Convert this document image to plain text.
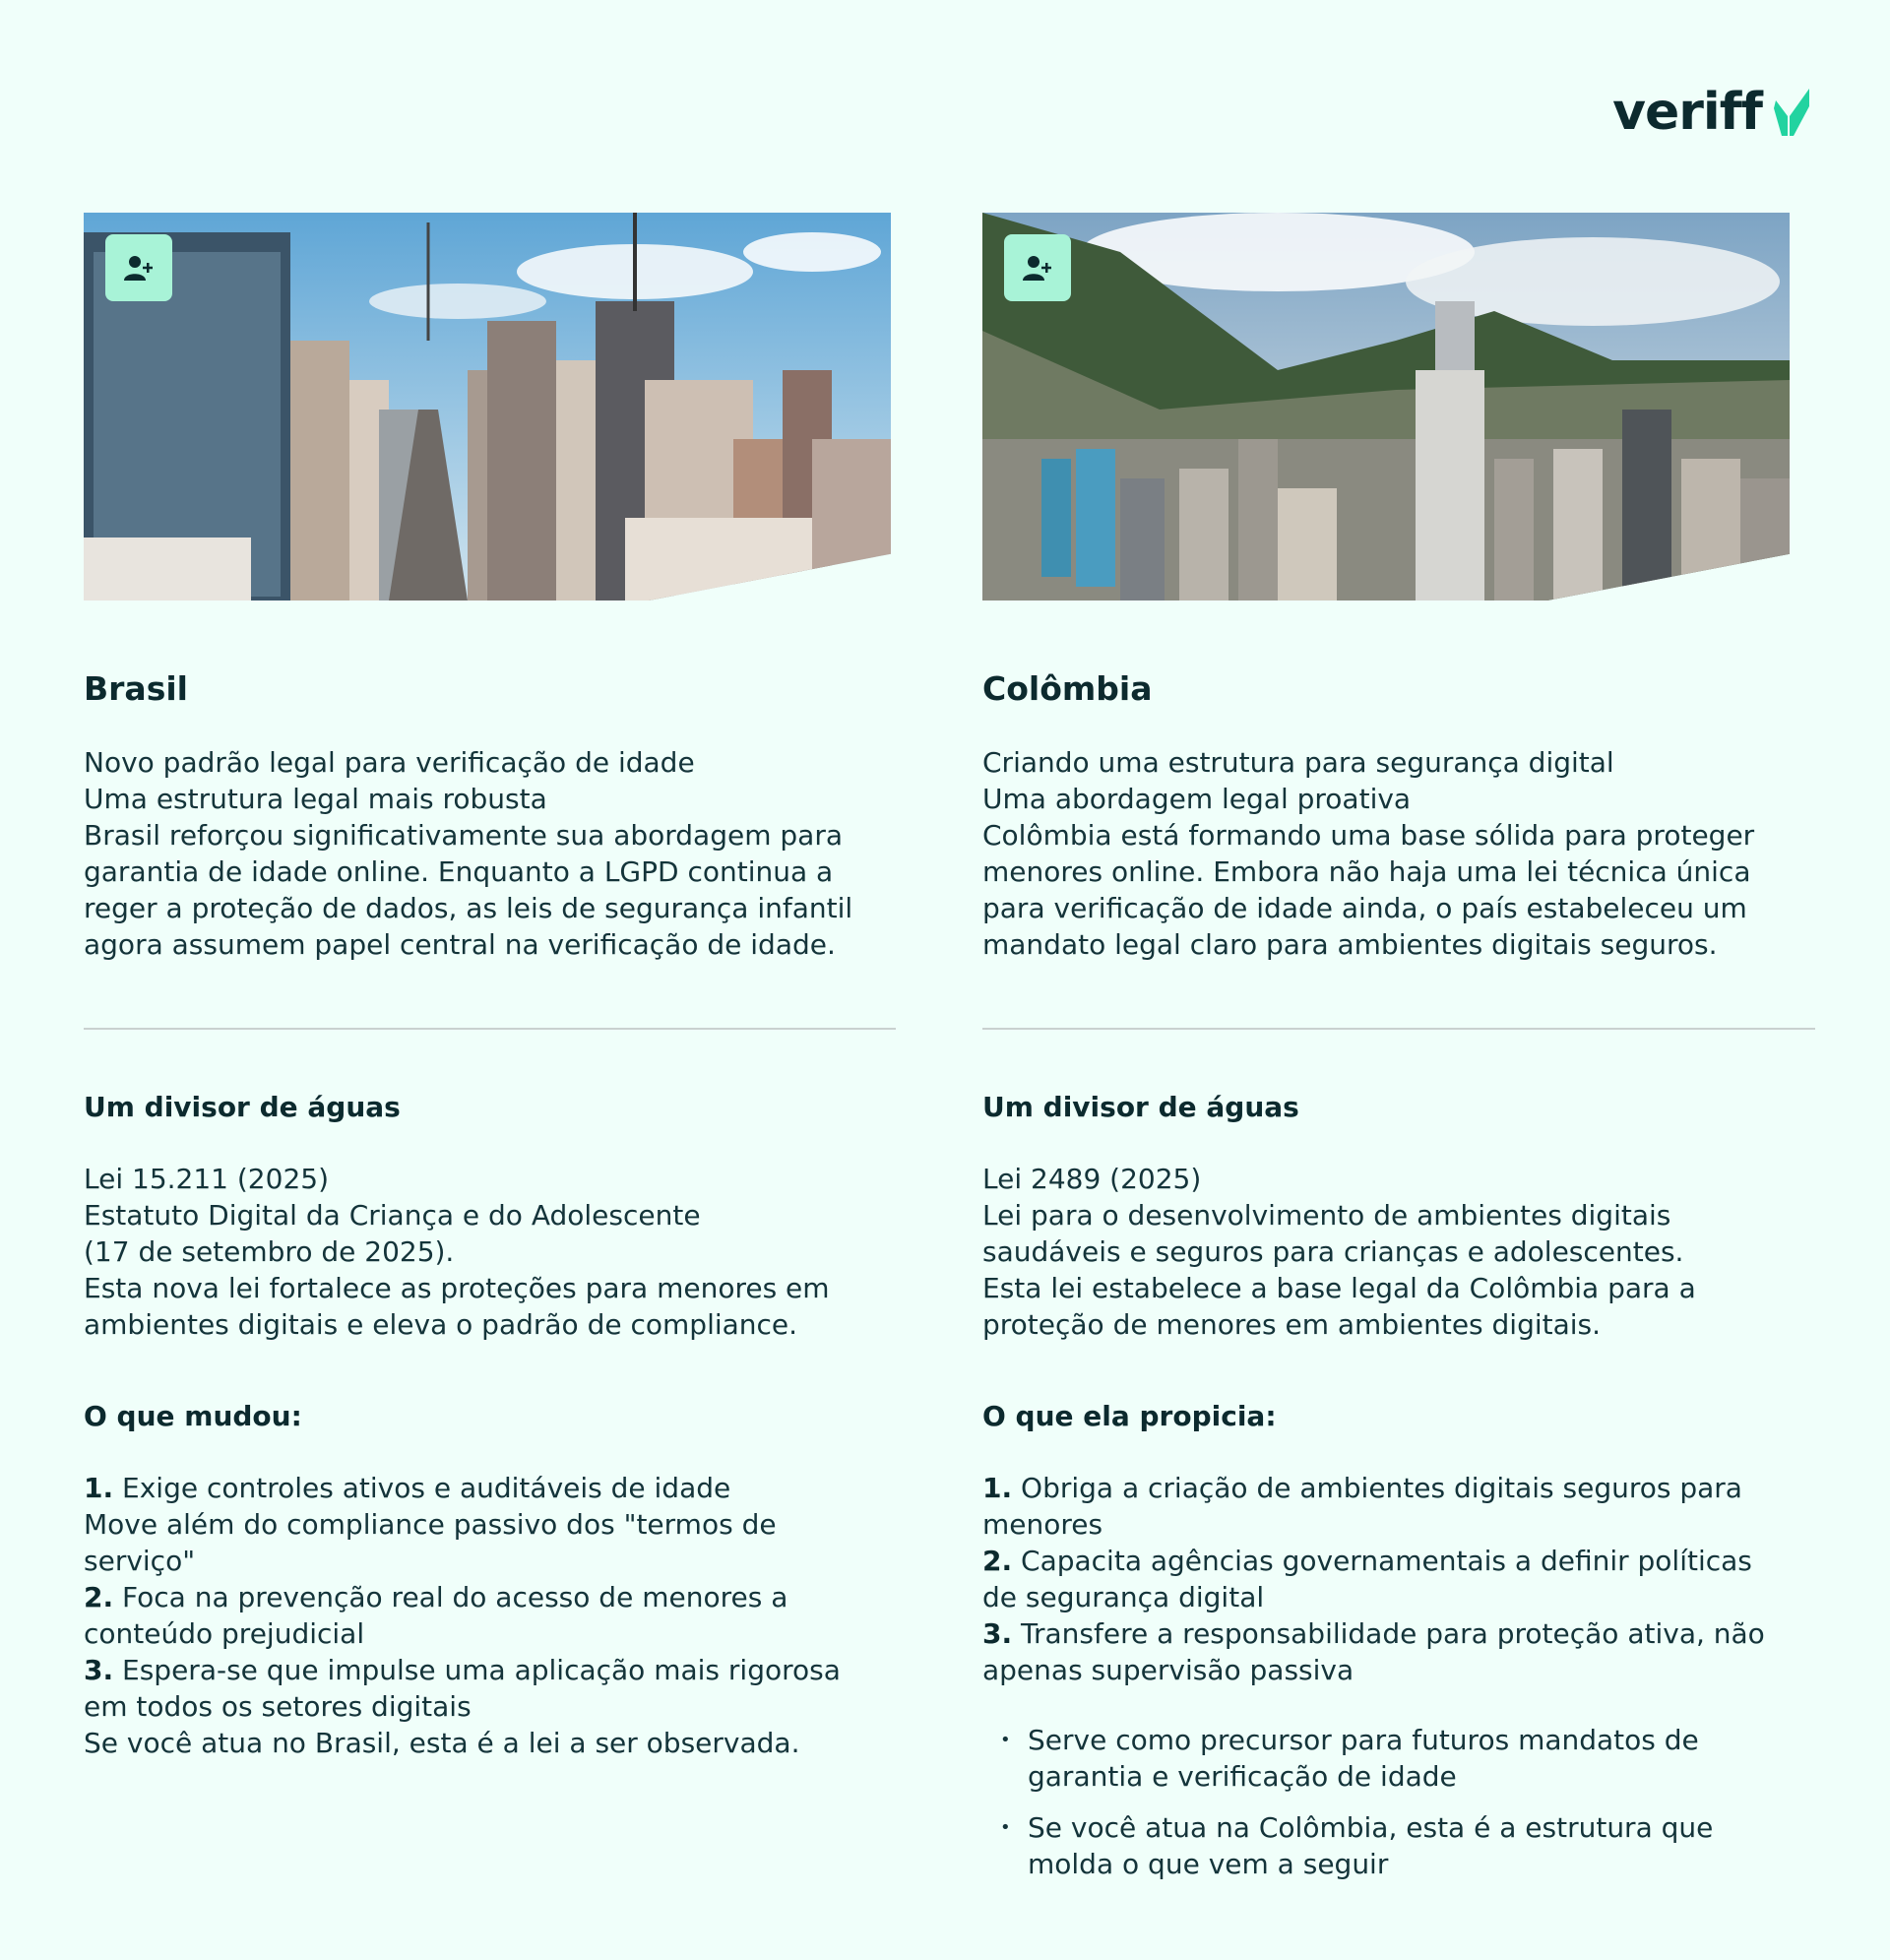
veriff
Brasil
Novo padrão legal para verificação de idade
Uma estrutura legal mais robusta
Brasil reforçou significativamente sua abordagem para
garantia de idade online. Enquanto a LGPD continua a
reger a proteção de dados, as leis de segurança infantil
agora assumem papel central na verificação de idade.
Um divisor de águas
Lei 15.211 (2025)
Estatuto Digital da Criança e do Adolescente
(17 de setembro de 2025).
Esta nova lei fortalece as proteções para menores em
ambientes digitais e eleva o padrão de compliance.
O que mudou:
1. Exige controles ativos e auditáveis de idade
Move além do compliance passivo dos "termos de
serviço"
2. Foca na prevenção real do acesso de menores a
conteúdo prejudicial
3. Espera-se que impulse uma aplicação mais rigorosa
em todos os setores digitais
Se você atua no Brasil, esta é a lei a ser observada.
Colômbia
Criando uma estrutura para segurança digital
Uma abordagem legal proativa
Colômbia está formando uma base sólida para proteger
menores online. Embora não haja uma lei técnica única
para verificação de idade ainda, o país estabeleceu um
mandato legal claro para ambientes digitais seguros.
Um divisor de águas
Lei 2489 (2025)
Lei para o desenvolvimento de ambientes digitais
saudáveis e seguros para crianças e adolescentes.
Esta lei estabelece a base legal da Colômbia para a
proteção de menores em ambientes digitais.
O que ela propicia:
1. Obriga a criação de ambientes digitais seguros para
menores
2. Capacita agências governamentais a definir políticas
de segurança digital
3. Transfere a responsabilidade para proteção ativa, não
apenas supervisão passiva
• Serve como precursor para futuros mandatos de
garantia e verificação de idade
• Se você atua na Colômbia, esta é a estrutura que
molda o que vem a seguir
